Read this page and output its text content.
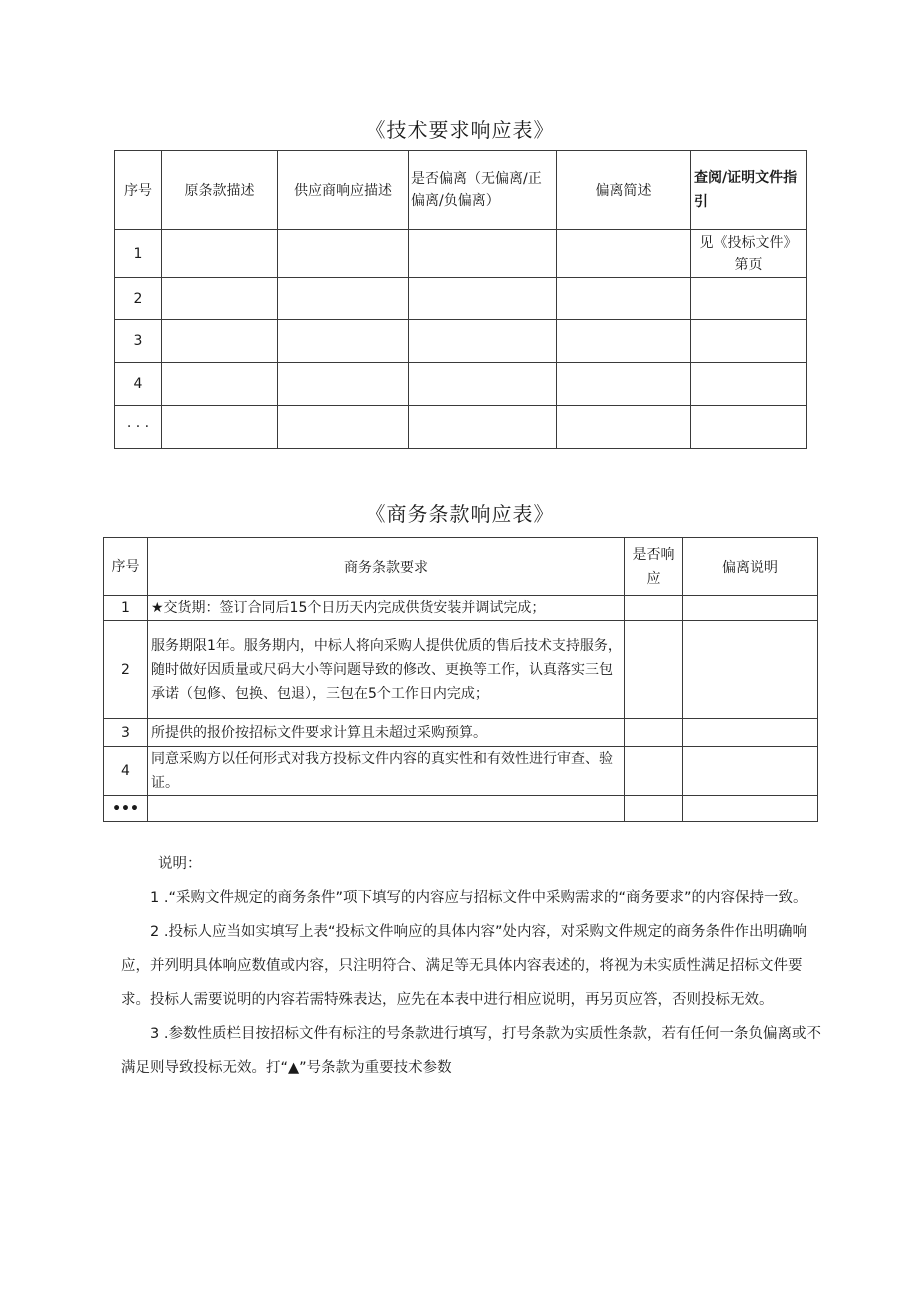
《技术要求响应表》
序号	原条款描述	供应商响应描述	是否偏离（无偏离/正偏离/负偏离）	偏离简述	查阅/证明文件指引
1					见《投标文件》第页
2					
3					
4					
· · ·					
《商务条款响应表》
序号	商务条款要求	是否响应	偏离说明
1	★交货期：签订合同后15个日历天内完成供货安装并调试完成；		
2	服务期限1年。服务期内，中标人将向采购人提供优质的售后技术支持服务，随时做好因质量或尺码大小等问题导致的修改、更换等工作，认真落实三包承诺（包修、包换、包退），三包在5个工作日内完成；		
3	所提供的报价按招标文件要求计算且未超过采购预算。		
4	同意采购方以任何形式对我方投标文件内容的真实性和有效性进行审查、验证。		
•••			

说明：

1 .“采购文件规定的商务条件”项下填写的内容应与招标文件中采购需求的“商务要求”的内容保持一致。

2 .投标人应当如实填写上表“投标文件响应的具体内容”处内容，对采购文件规定的商务条件作出明确响应，并列明具体响应数值或内容，只注明符合、满足等无具体内容表述的，将视为未实质性满足招标文件要求。投标人需要说明的内容若需特殊表达，应先在本表中进行相应说明，再另页应答，否则投标无效。

3 .参数性质栏目按招标文件有标注的号条款进行填写，打号条款为实质性条款，若有任何一条负偏离或不满足则导致投标无效。打“▲”号条款为重要技术参数
